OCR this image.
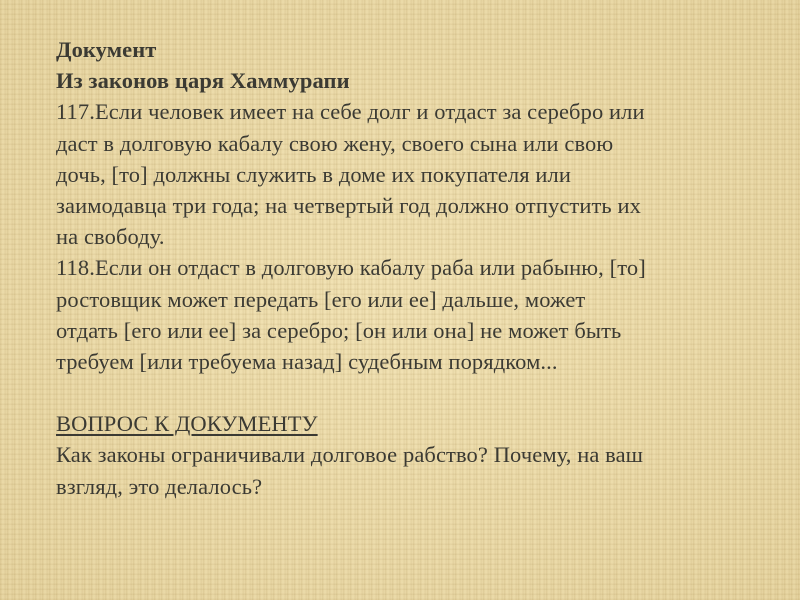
Документ
Из законов царя Хаммурапи
117.Если человек имеет на себе долг и отдаст за серебро или
даст в долговую кабалу свою жену, своего сына или свою
дочь, [то] должны служить в доме их покупателя или
заимодавца три года; на четвертый год должно отпустить их
на свободу.
118.Если он отдаст в долговую кабалу раба или рабыню, [то]
ростовщик может передать [его или ее] дальше, может
отдать [его или ее] за серебро; [он или она] не может быть
требуем [или требуема назад] судебным порядком...
ВОПРОС К ДОКУМЕНТУ
Как законы ограничивали долговое рабство? Почему, на ваш
взгляд, это делалось?
